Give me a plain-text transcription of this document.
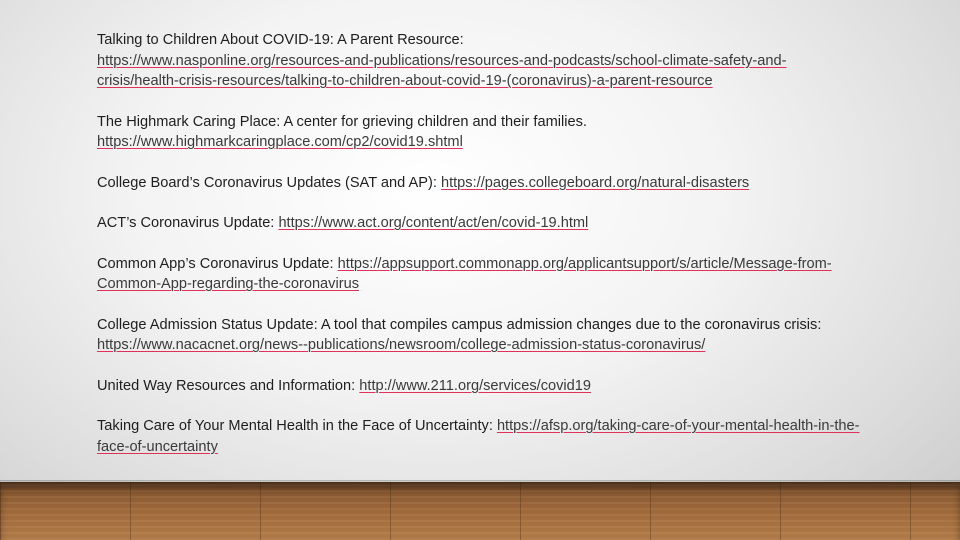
Talking to Children About COVID-19: A Parent Resource:
https://www.nasponline.org/resources-and-publications/resources-and-podcasts/school-climate-safety-and-crisis/health-crisis-resources/talking-to-children-about-covid-19-(coronavirus)-a-parent-resource

The Highmark Caring Place: A center for grieving children and their families.
https://www.highmarkcaringplace.com/cp2/covid19.shtml

College Board’s Coronavirus Updates (SAT and AP): https://pages.collegeboard.org/natural-disasters

ACT’s Coronavirus Update: https://www.act.org/content/act/en/covid-19.html

Common App’s Coronavirus Update: https://appsupport.commonapp.org/applicantsupport/s/article/Message-from-Common-App-regarding-the-coronavirus

College Admission Status Update: A tool that compiles campus admission changes due to the coronavirus crisis: https://www.nacacnet.org/news--publications/newsroom/college-admission-status-coronavirus/

United Way Resources and Information: http://www.211.org/services/covid19

Taking Care of Your Mental Health in the Face of Uncertainty: https://afsp.org/taking-care-of-your-mental-health-in-the-face-of-uncertainty
